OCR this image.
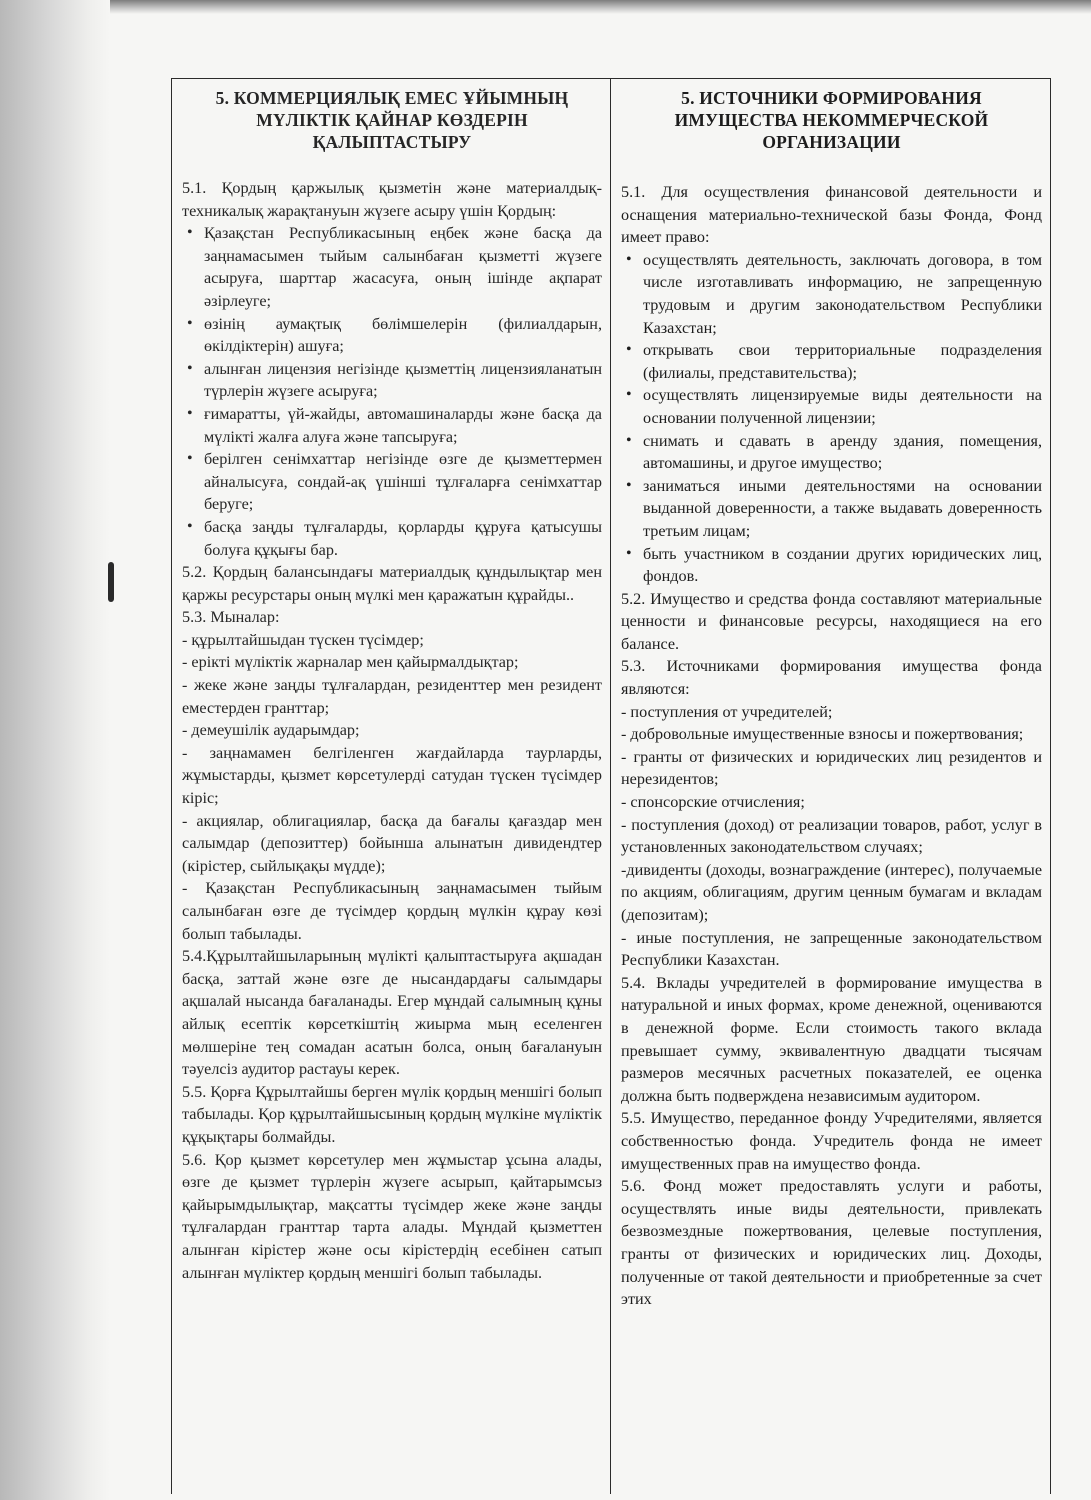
5. КОММЕРЦИЯЛЫҚ ЕМЕС ҰЙЫМНЫҢ МҮЛІКТІК ҚАЙНАР КӨЗДЕРІН ҚАЛЫПТАСТЫРУ

5.1. Қордың қаржылық қызметін және материалдық-техникалық жарақтануын жүзеге асыру үшін Қордың:

• Қазақстан Республикасының еңбек және басқа да заңнамасымен тыйым салынбаған қызметті жүзеге асыруға, шарттар жасасуға, оның ішінде ақпарат әзірлеуге;
• өзінің аумақтық бөлімшелерін (филиалдарын, өкілдіктерін) ашуға;
• алынған лицензия негізінде қызметтің лицензияланатын түрлерін жүзеге асыруға;
• ғимаратты, үй-жайды, автомашиналарды және басқа да мүлікті жалға алуға және тапсыруға;
• берілген сенімхаттар негізінде өзге де қызметтермен айналысуға, сондай-ақ үшінші тұлғаларға сенімхаттар беруге;
• басқа заңды тұлғаларды, қорларды құруға қатысушы болуға құқығы бар.

5.2. Қордың балансындағы материалдық құндылықтар мен қаржы ресурстары оның мүлкі мен қаражатын құрайды..

5.3. Мыналар:

- құрылтайшыдан түскен түсімдер;

- ерікті мүліктік жарналар мен қайырмалдықтар;

- жеке және заңды тұлғалардан, резиденттер мен резидент еместерден гранттар;

- демеушілік аударымдар;

- заңнамамен белгіленген жағдайларда таурларды, жұмыстарды, қызмет көрсетулерді сатудан түскен түсімдер кіріс;

- акциялар, облигациялар, басқа да бағалы қағаздар мен салымдар (депозиттер) бойынша алынатын дивидендтер (кірістер, сыйлықақы мүдде);

- Қазақстан Республикасының заңнамасымен тыйым салынбаған өзге де түсімдер қордың мүлкін құрау көзі болып табылады.

5.4.Құрылтайшыларының мүлікті қалыптастыруға ақшадан басқа, заттай және өзге де нысандардағы салымдары ақшалай нысанда бағаланады. Егер мұндай салымның құны айлық есептік көрсеткіштің жиырма мың еселенген мөлшеріне тең сомадан асатын болса, оның бағалануын тәуелсіз аудитор растауы керек.

5.5. Қорға Құрылтайшы берген мүлік қордың меншігі болып табылады. Қор құрылтайшысының қордың мүлкіне мүліктік құқықтары болмайды.

5.6. Қор қызмет көрсетулер мен жұмыстар ұсына алады, өзге де қызмет түрлерін жүзеге асырып, қайтарымсыз қайырымдылықтар, мақсатты түсімдер жеке және заңды тұлғалардан гранттар тарта алады. Мұндай қызметтен алынған кірістер және осы кірістердің есебінен сатып алынған мүліктер қордың меншігі болып табылады.

5. ИСТОЧНИКИ ФОРМИРОВАНИЯ ИМУЩЕСТВА НЕКОММЕРЧЕСКОЙ ОРГАНИЗАЦИИ

5.1. Для осуществления финансовой деятельности и оснащения материально-технической базы Фонда, Фонд имеет право:

• осуществлять деятельность, заключать договора, в том числе изготавливать информацию, не запрещенную трудовым и другим законодательством Республики Казахстан;
• открывать свои территориальные подразделения (филиалы, представительства);
• осуществлять лицензируемые виды деятельности на основании полученной лицензии;
• снимать и сдавать в аренду здания, помещения, автомашины, и другое имущество;
• заниматься иными деятельностями на основании выданной доверенности, а также выдавать доверенность третьим лицам;
• быть участником в создании других юридических лиц, фондов.

5.2. Имущество и средства фонда составляют материальные ценности и финансовые ресурсы, находящиеся на его балансе.

5.3. Источниками формирования имущества фонда являются:

- поступления от учредителей;

- добровольные имущественные взносы и пожертвования;

- гранты от физических и юридических лиц резидентов и нерезидентов;

- спонсорские отчисления;

- поступления (доход) от реализации товаров, работ, услуг в установленных законодательством случаях;

-дивиденты (доходы, вознаграждение (интерес), получаемые по акциям, облигациям, другим ценным бумагам и вкладам (депозитам);

- иные поступления, не запрещенные законодательством Республики Казахстан.

5.4. Вклады учредителей в формирование имущества в натуральной и иных формах, кроме денежной, оцениваются в денежной форме. Если стоимость такого вклада превышает сумму, эквивалентную двадцати тысячам размеров месячных расчетных показателей, ее оценка должна быть подверждена независимым аудитором.

5.5. Имущество, переданное фонду Учредителями, является собственностью фонда. Учредитель фонда не имеет имущественных прав на имущество фонда.

5.6. Фонд может предоставлять услуги и работы, осуществлять иные виды деятельности, привлекать безвозмездные пожертвования, целевые поступления, гранты от физических и юридических лиц. Доходы, полученные от такой деятельности и приобретенные за счет этих
